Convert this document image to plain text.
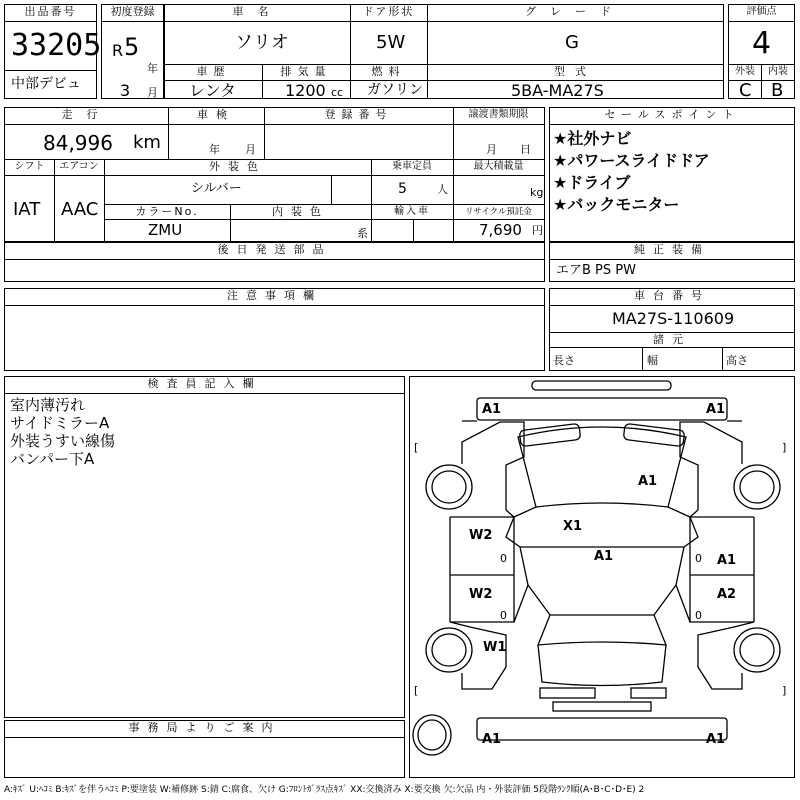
出品番号
33205
中部デビュ
初度登録
R 5
年
3 月
車名
ソリオ
ドア形状
5W
グレード
G
車歴
レンタ
排気量
1200 cc
燃料
ガソリン
型式
5BA-MA27S
評価点
4
外装	内装
C B
走行
84,996 km
車検
年 月
登録番号	譲渡書類期限
月 日
シフト
IAT
エアコン
AAC
外装色
シルバー
乗車定員
5	人
最大積載量
kg
カラーNo.
ZMU
内装色
系
輸入車	リサイクル預託金
7,690 円
セールスポイント
★社外ナビ
★パワースライドドア
★ドライブ
★バックモニター
後日発送部品	純正装備
エアB PS PW
注意事項欄	車台番号
MA27S-110609
諸元
長さ	幅	高さ
検査員記入欄
室内薄汚れ
サイドミラーA
外装うすい線傷
バンパー下A
事務局よりご案内
[	]
[	]
0
0
0
0
A1	A1
A1
X1
A1
W2
W2
W1
A1
A2
A1	A1
A:ｷｽﾞ U:ﾍｺﾐ B:ｷｽﾞを伴うﾍｺﾐ P:要塗装 W:補修跡 S:錆 C:腐食、欠け G:ﾌﾛﾝﾄｶﾞﾗｽ点ｷｽﾞ XX:交換済み X:要交換 欠:欠品 内・外装評価 5段階ﾗﾝｸ順(A･B･C･D･E) 2
